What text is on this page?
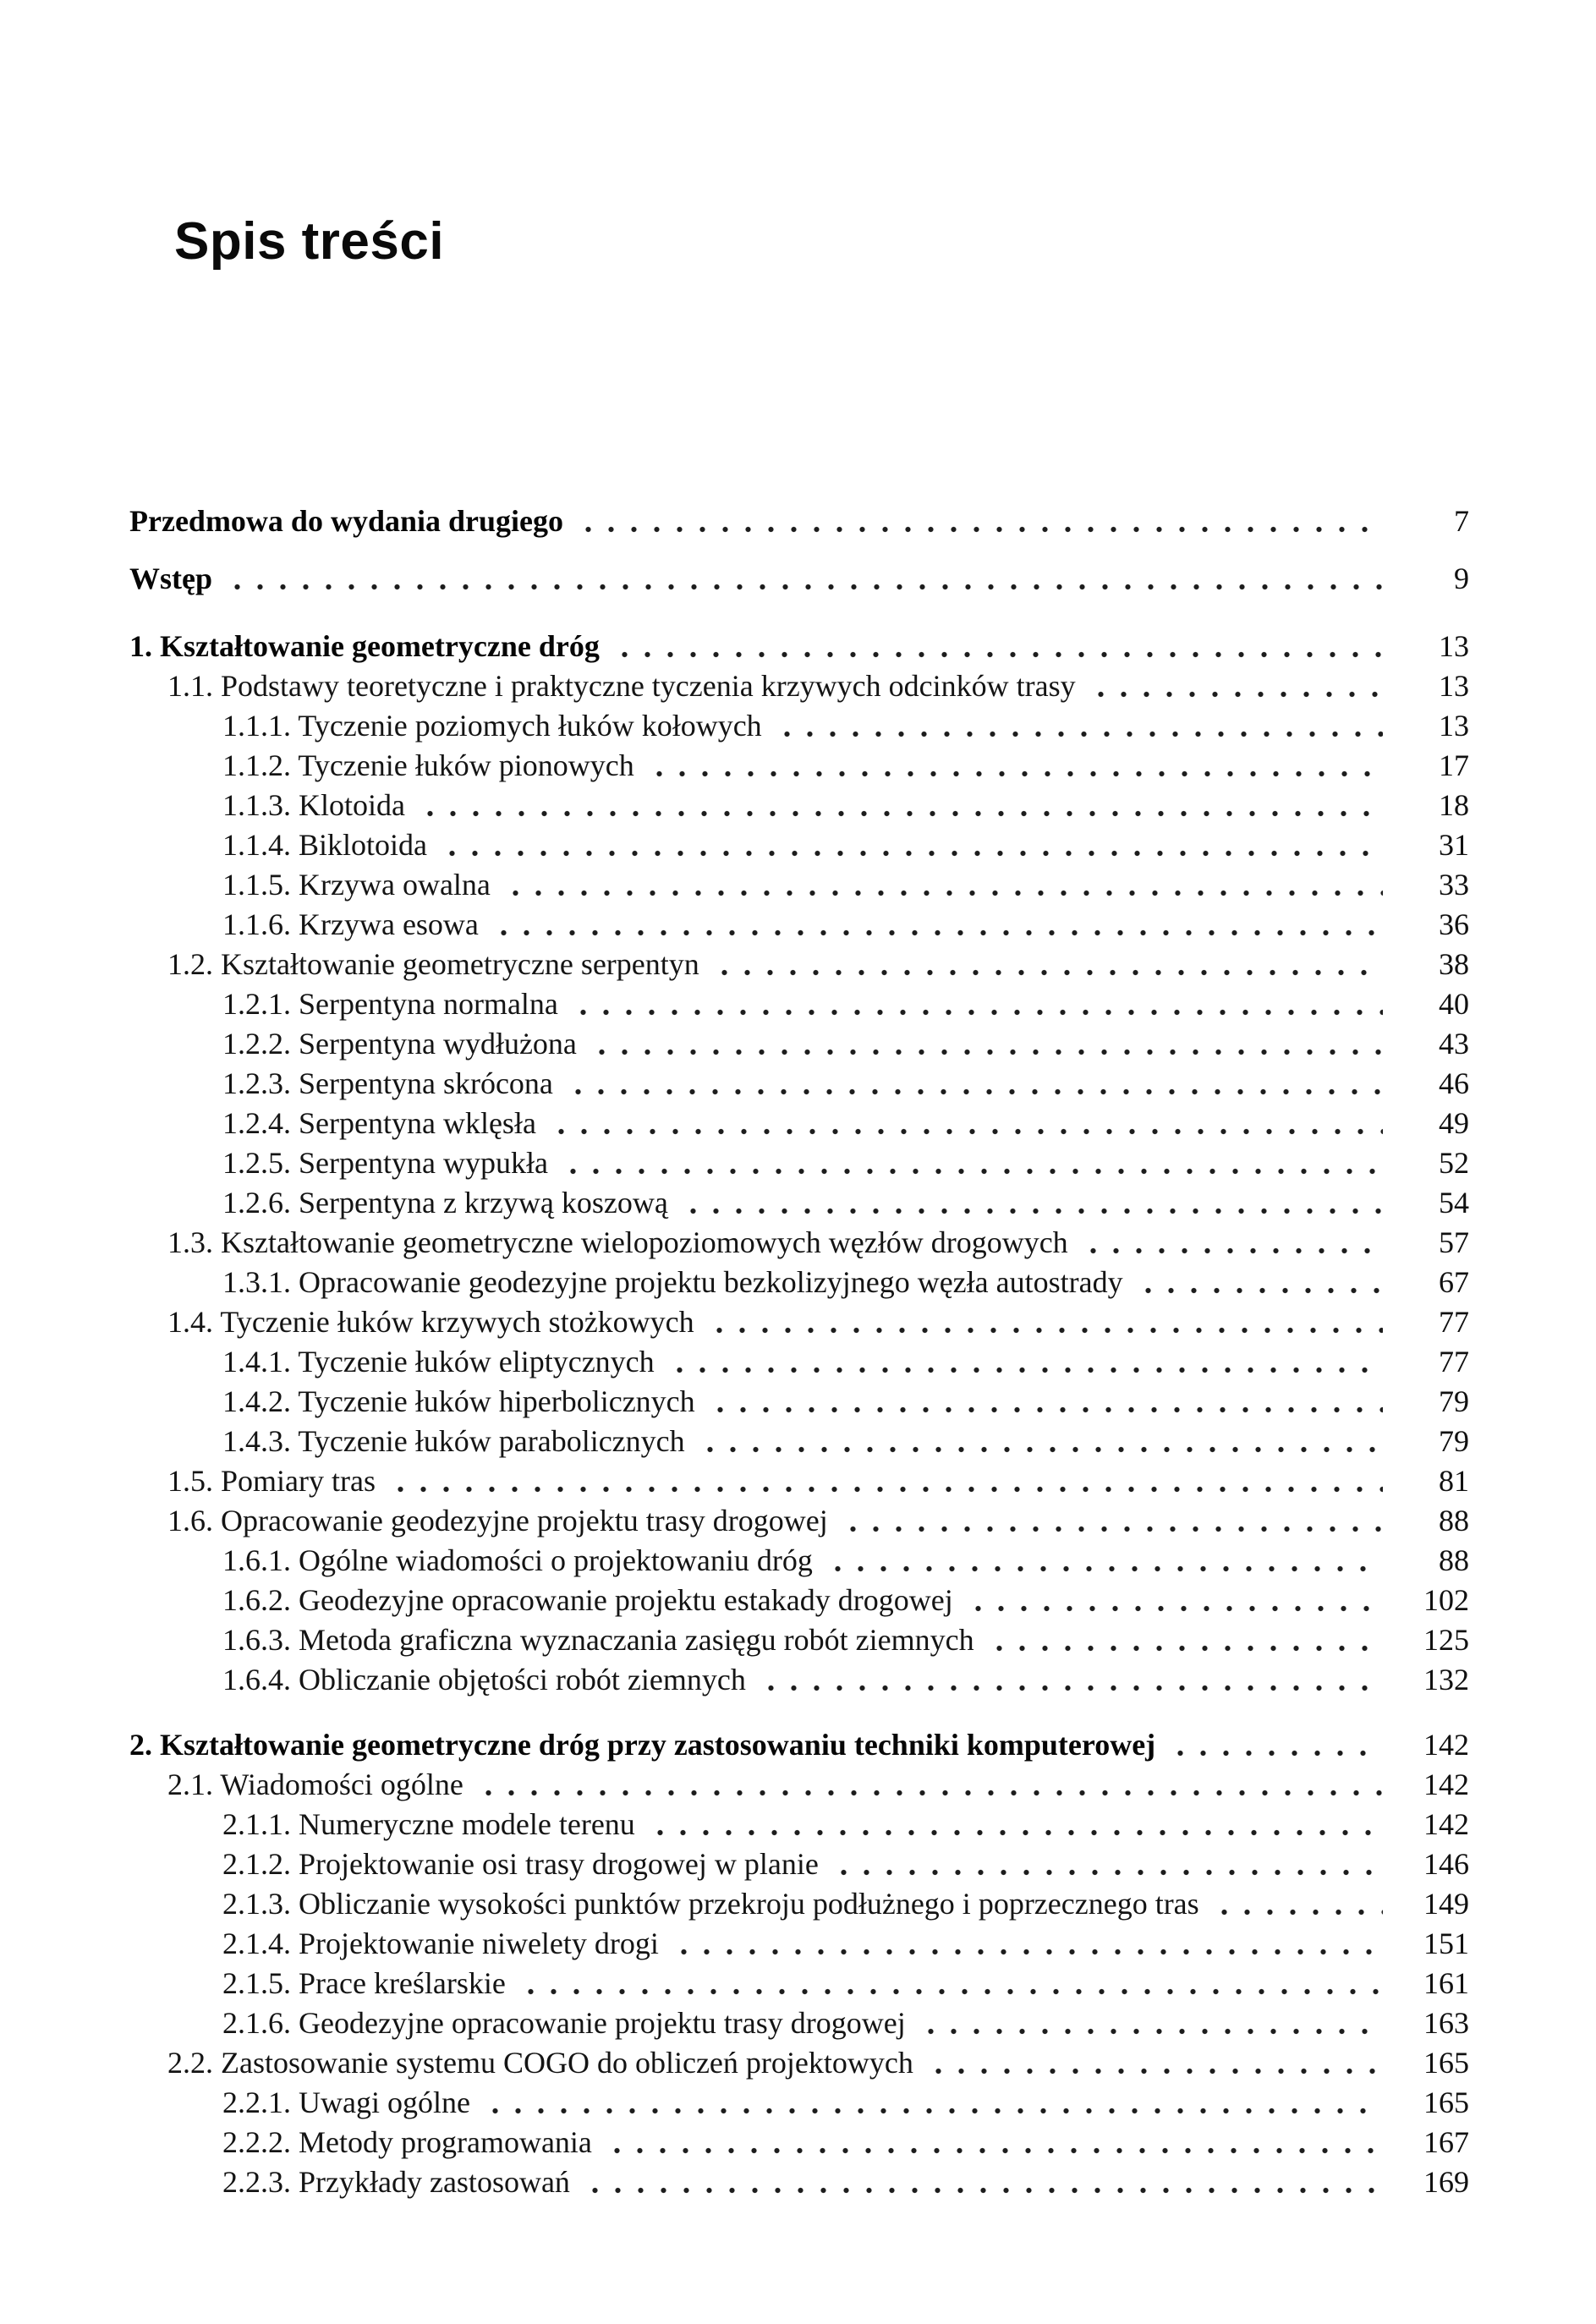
Spis treści
Przedmowa do wydania drugiego	7
Wstęp	9
1. Kształtowanie geometryczne dróg	13
1.1. Podstawy teoretyczne i praktyczne tyczenia krzywych odcinków trasy	13
1.1.1. Tyczenie poziomych łuków kołowych	13
1.1.2. Tyczenie łuków pionowych	17
1.1.3. Klotoida	18
1.1.4. Biklotoida	31
1.1.5. Krzywa owalna	33
1.1.6. Krzywa esowa	36
1.2. Kształtowanie geometryczne serpentyn	38
1.2.1. Serpentyna normalna	40
1.2.2. Serpentyna wydłużona	43
1.2.3. Serpentyna skrócona	46
1.2.4. Serpentyna wklęsła	49
1.2.5. Serpentyna wypukła	52
1.2.6. Serpentyna z krzywą koszową	54
1.3. Kształtowanie geometryczne wielopoziomowych węzłów drogowych	57
1.3.1. Opracowanie geodezyjne projektu bezkolizyjnego węzła autostrady	67
1.4. Tyczenie łuków krzywych stożkowych	77
1.4.1. Tyczenie łuków eliptycznych	77
1.4.2. Tyczenie łuków hiperbolicznych	79
1.4.3. Tyczenie łuków parabolicznych	79
1.5. Pomiary tras	81
1.6. Opracowanie geodezyjne projektu trasy drogowej	88
1.6.1. Ogólne wiadomości o projektowaniu dróg	88
1.6.2. Geodezyjne opracowanie projektu estakady drogowej	102
1.6.3. Metoda graficzna wyznaczania zasięgu robót ziemnych	125
1.6.4. Obliczanie objętości robót ziemnych	132
2. Kształtowanie geometryczne dróg przy zastosowaniu techniki komputerowej	142
2.1. Wiadomości ogólne	142
2.1.1. Numeryczne modele terenu	142
2.1.2. Projektowanie osi trasy drogowej w planie	146
2.1.3. Obliczanie wysokości punktów przekroju podłużnego i poprzecznego tras	149
2.1.4. Projektowanie niwelety drogi	151
2.1.5. Prace kreślarskie	161
2.1.6. Geodezyjne opracowanie projektu trasy drogowej	163
2.2. Zastosowanie systemu COGO do obliczeń projektowych	165
2.2.1. Uwagi ogólne	165
2.2.2. Metody programowania	167
2.2.3. Przykłady zastosowań	169
